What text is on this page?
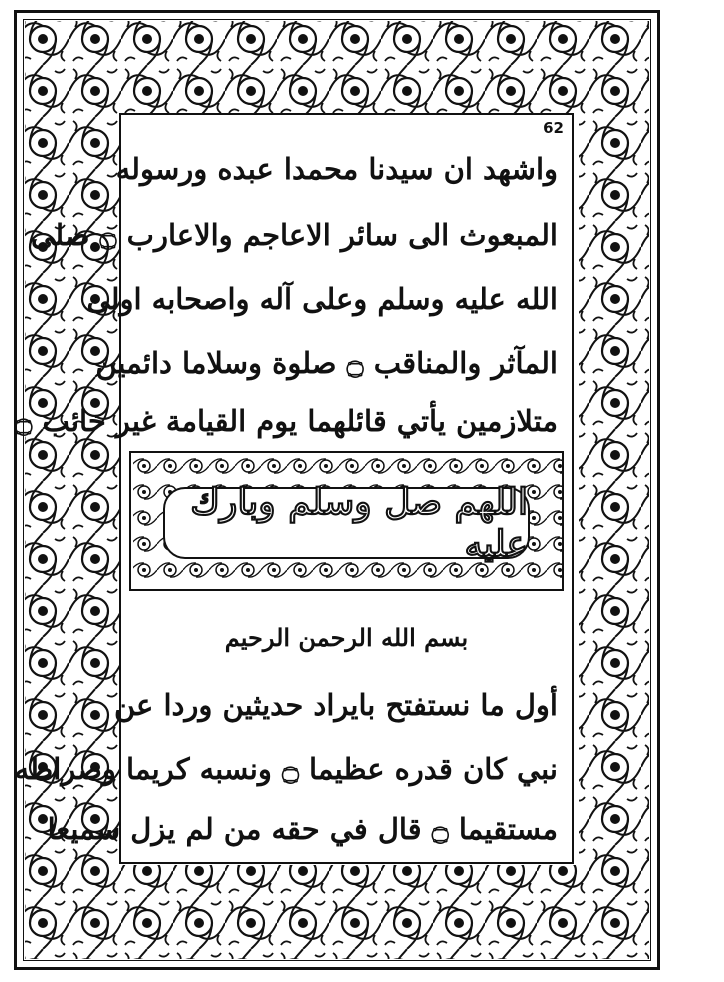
62
واشهد ان سيدنا محمدا عبده ورسوله
المبعوث الى سائر الاعاجم والاعارب ۝ صلى
الله عليه وسلم وعلى آله واصحابه اولى
المآثر والمناقب ۝ صلوة وسلاما دائمين
متلازمين يأتي قائلهما يوم القيامة غير خائب ۝
اللهم صل وسلم وبارك عليه
بسم الله الرحمن الرحيم
أول ما نستفتح بايراد حديثين وردا عن
نبي كان قدره عظيما ۝ ونسبه كريما وصراطه
مستقيما ۝ قال في حقه من لم يزل سميعا
